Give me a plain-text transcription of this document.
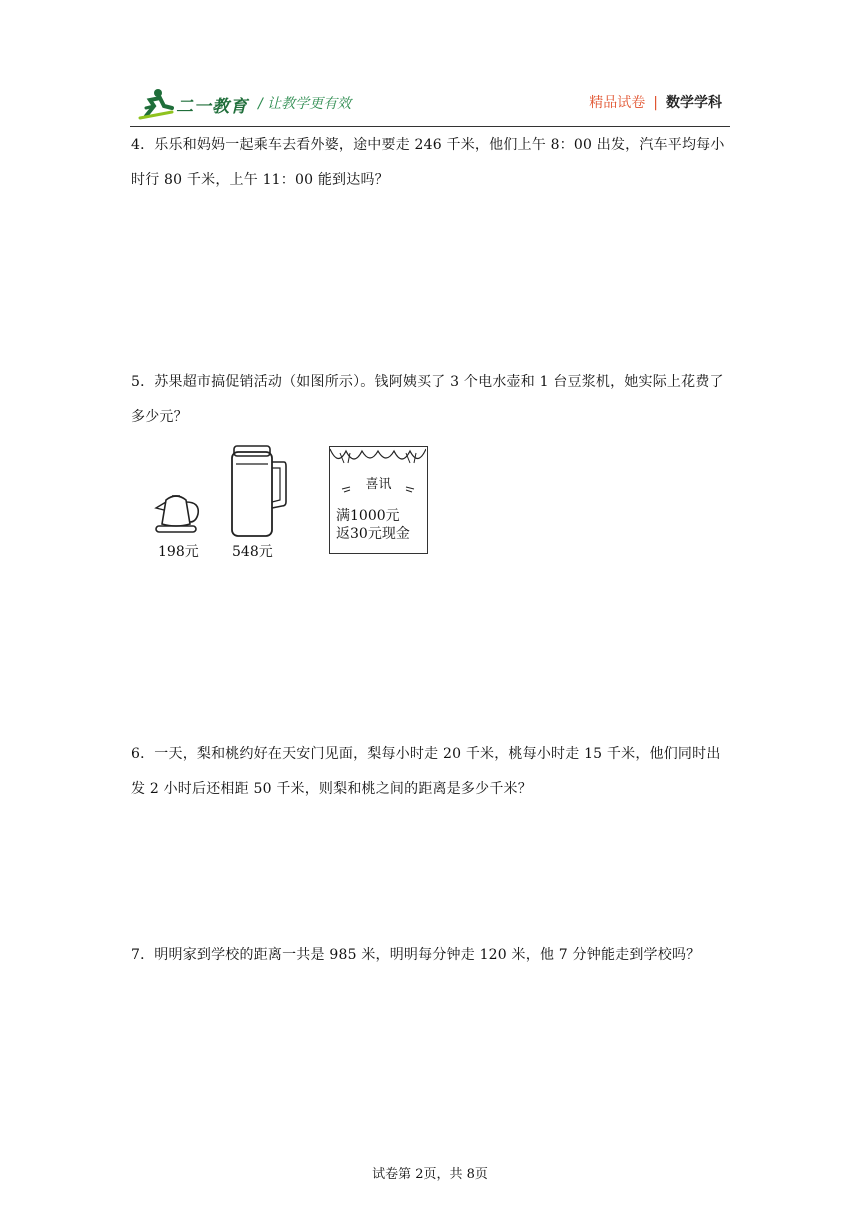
二一教育 / 让教学更有效	精品试卷 | 数学学科
4．乐乐和妈妈一起乘车去看外婆，途中要走 246 千米，他们上午 8：00 出发，汽车平均每小时行 80 千米，上午 11：00 能到达吗？
5．苏果超市搞促销活动（如图所示）。钱阿姨买了 3 个电水壶和 1 台豆浆机，她实际上花费了多少元？
198元 548元
喜讯
满1000元
返30元现金
6．一天，梨和桃约好在天安门见面，梨每小时走 20 千米，桃每小时走 15 千米，他们同时出发 2 小时后还相距 50 千米，则梨和桃之间的距离是多少千米？
7．明明家到学校的距离一共是 985 米，明明每分钟走 120 米，他 7 分钟能走到学校吗？
试卷第 2页，共 8页
